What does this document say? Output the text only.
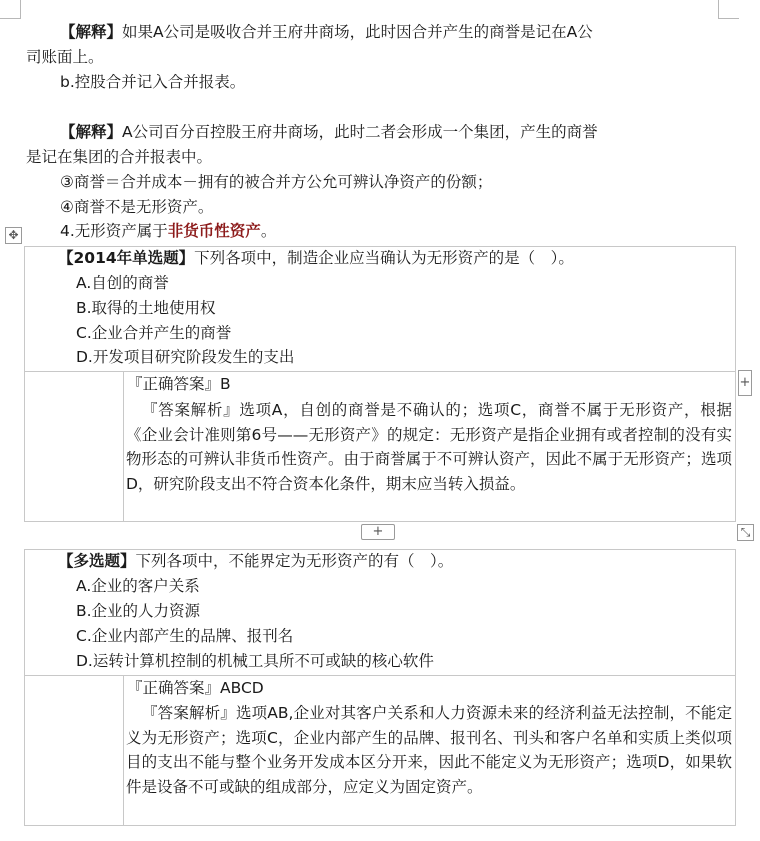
【解释】如果A公司是吸收合并王府井商场，此时因合并产生的商誉是记在A公
司账面上。
b.控股合并记入合并报表。
【解释】A公司百分百控股王府井商场，此时二者会形成一个集团，产生的商誉
是记在集团的合并报表中。
③商誉＝合并成本－拥有的被合并方公允可辨认净资产的份额；
④商誉不是无形资产。
4.无形资产属于非货币性资产。
✥
【2014年单选题】下列各项中，制造企业应当确认为无形资产的是（　）。
A.自创的商誉
B.取得的土地使用权
C.企业合并产生的商誉
D.开发项目研究阶段发生的支出
『正确答案』B
『答案解析』选项A，自创的商誉是不确认的；选项C，商誉不属于无形资产，根据《企业会计准则第6号——无形资产》的规定：无形资产是指企业拥有或者控制的没有实物形态的可辨认非货币性资产。由于商誉属于不可辨认资产，因此不属于无形资产；选项D，研究阶段支出不符合资本化条件，期末应当转入损益。
+
+	⤡
【多选题】下列各项中，不能界定为无形资产的有（　）。
A.企业的客户关系
B.企业的人力资源
C.企业内部产生的品牌、报刊名
D.运转计算机控制的机械工具所不可或缺的核心软件
『正确答案』ABCD
『答案解析』选项AB,企业对其客户关系和人力资源未来的经济利益无法控制，不能定义为无形资产；选项C，企业内部产生的品牌、报刊名、刊头和客户名单和实质上类似项目的支出不能与整个业务开发成本区分开来，因此不能定义为无形资产；选项D，如果软件是设备不可或缺的组成部分，应定义为固定资产。
